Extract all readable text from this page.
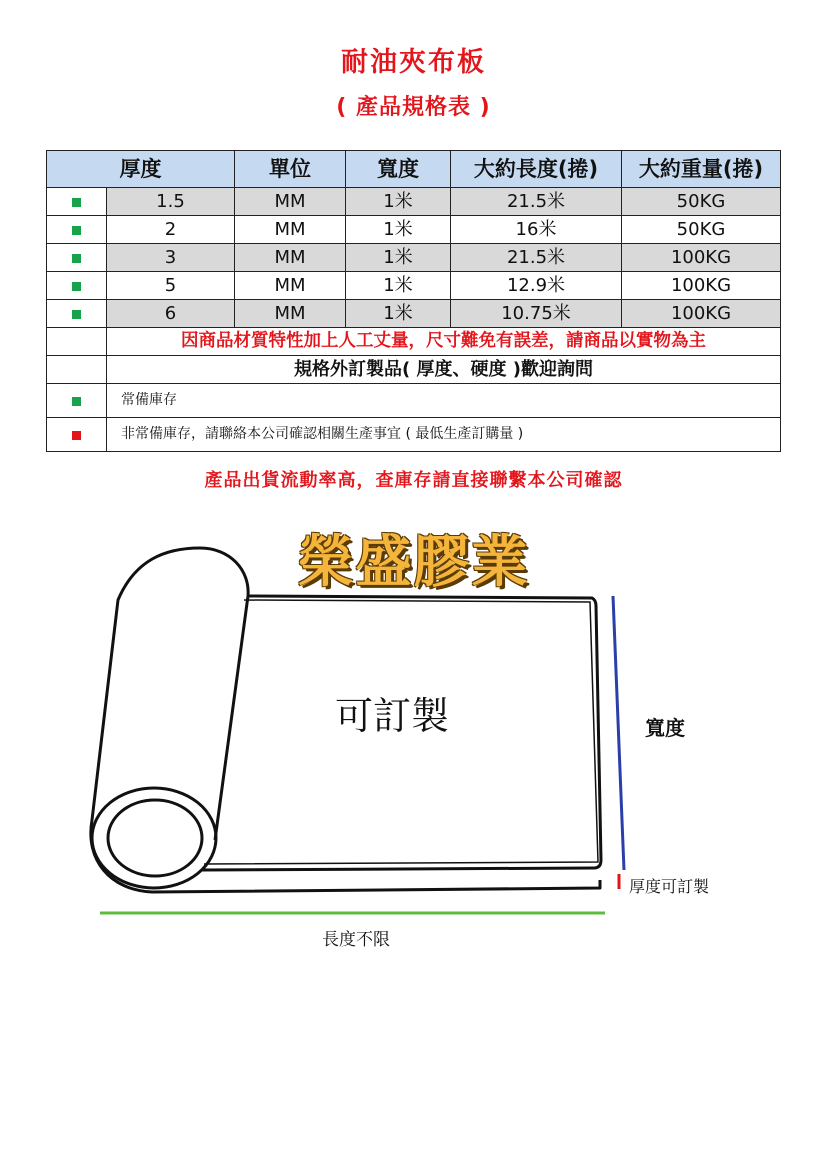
耐油夾布板
( 產品規格表 )
厚度		單位	寬度	大約長度(捲)	大約重量(捲)
	1.5	MM	1米	21.5米	50KG
	2	MM	1米	16米	50KG
	3	MM	1米	21.5米	100KG
	5	MM	1米	12.9米	100KG
	6	MM	1米	10.75米	100KG
	因商品材質特性加上人工丈量，尺寸難免有誤差，請商品以實物為主				
	規格外訂製品( 厚度、硬度 )歡迎詢問				
	常備庫存				
	非常備庫存，請聯絡本公司確認相關生產事宜 ( 最低生產訂購量 )				
產品出貨流動率高，查庫存請直接聯繫本公司確認
榮盛膠業
可訂製	寬度
厚度可訂製
長度不限
